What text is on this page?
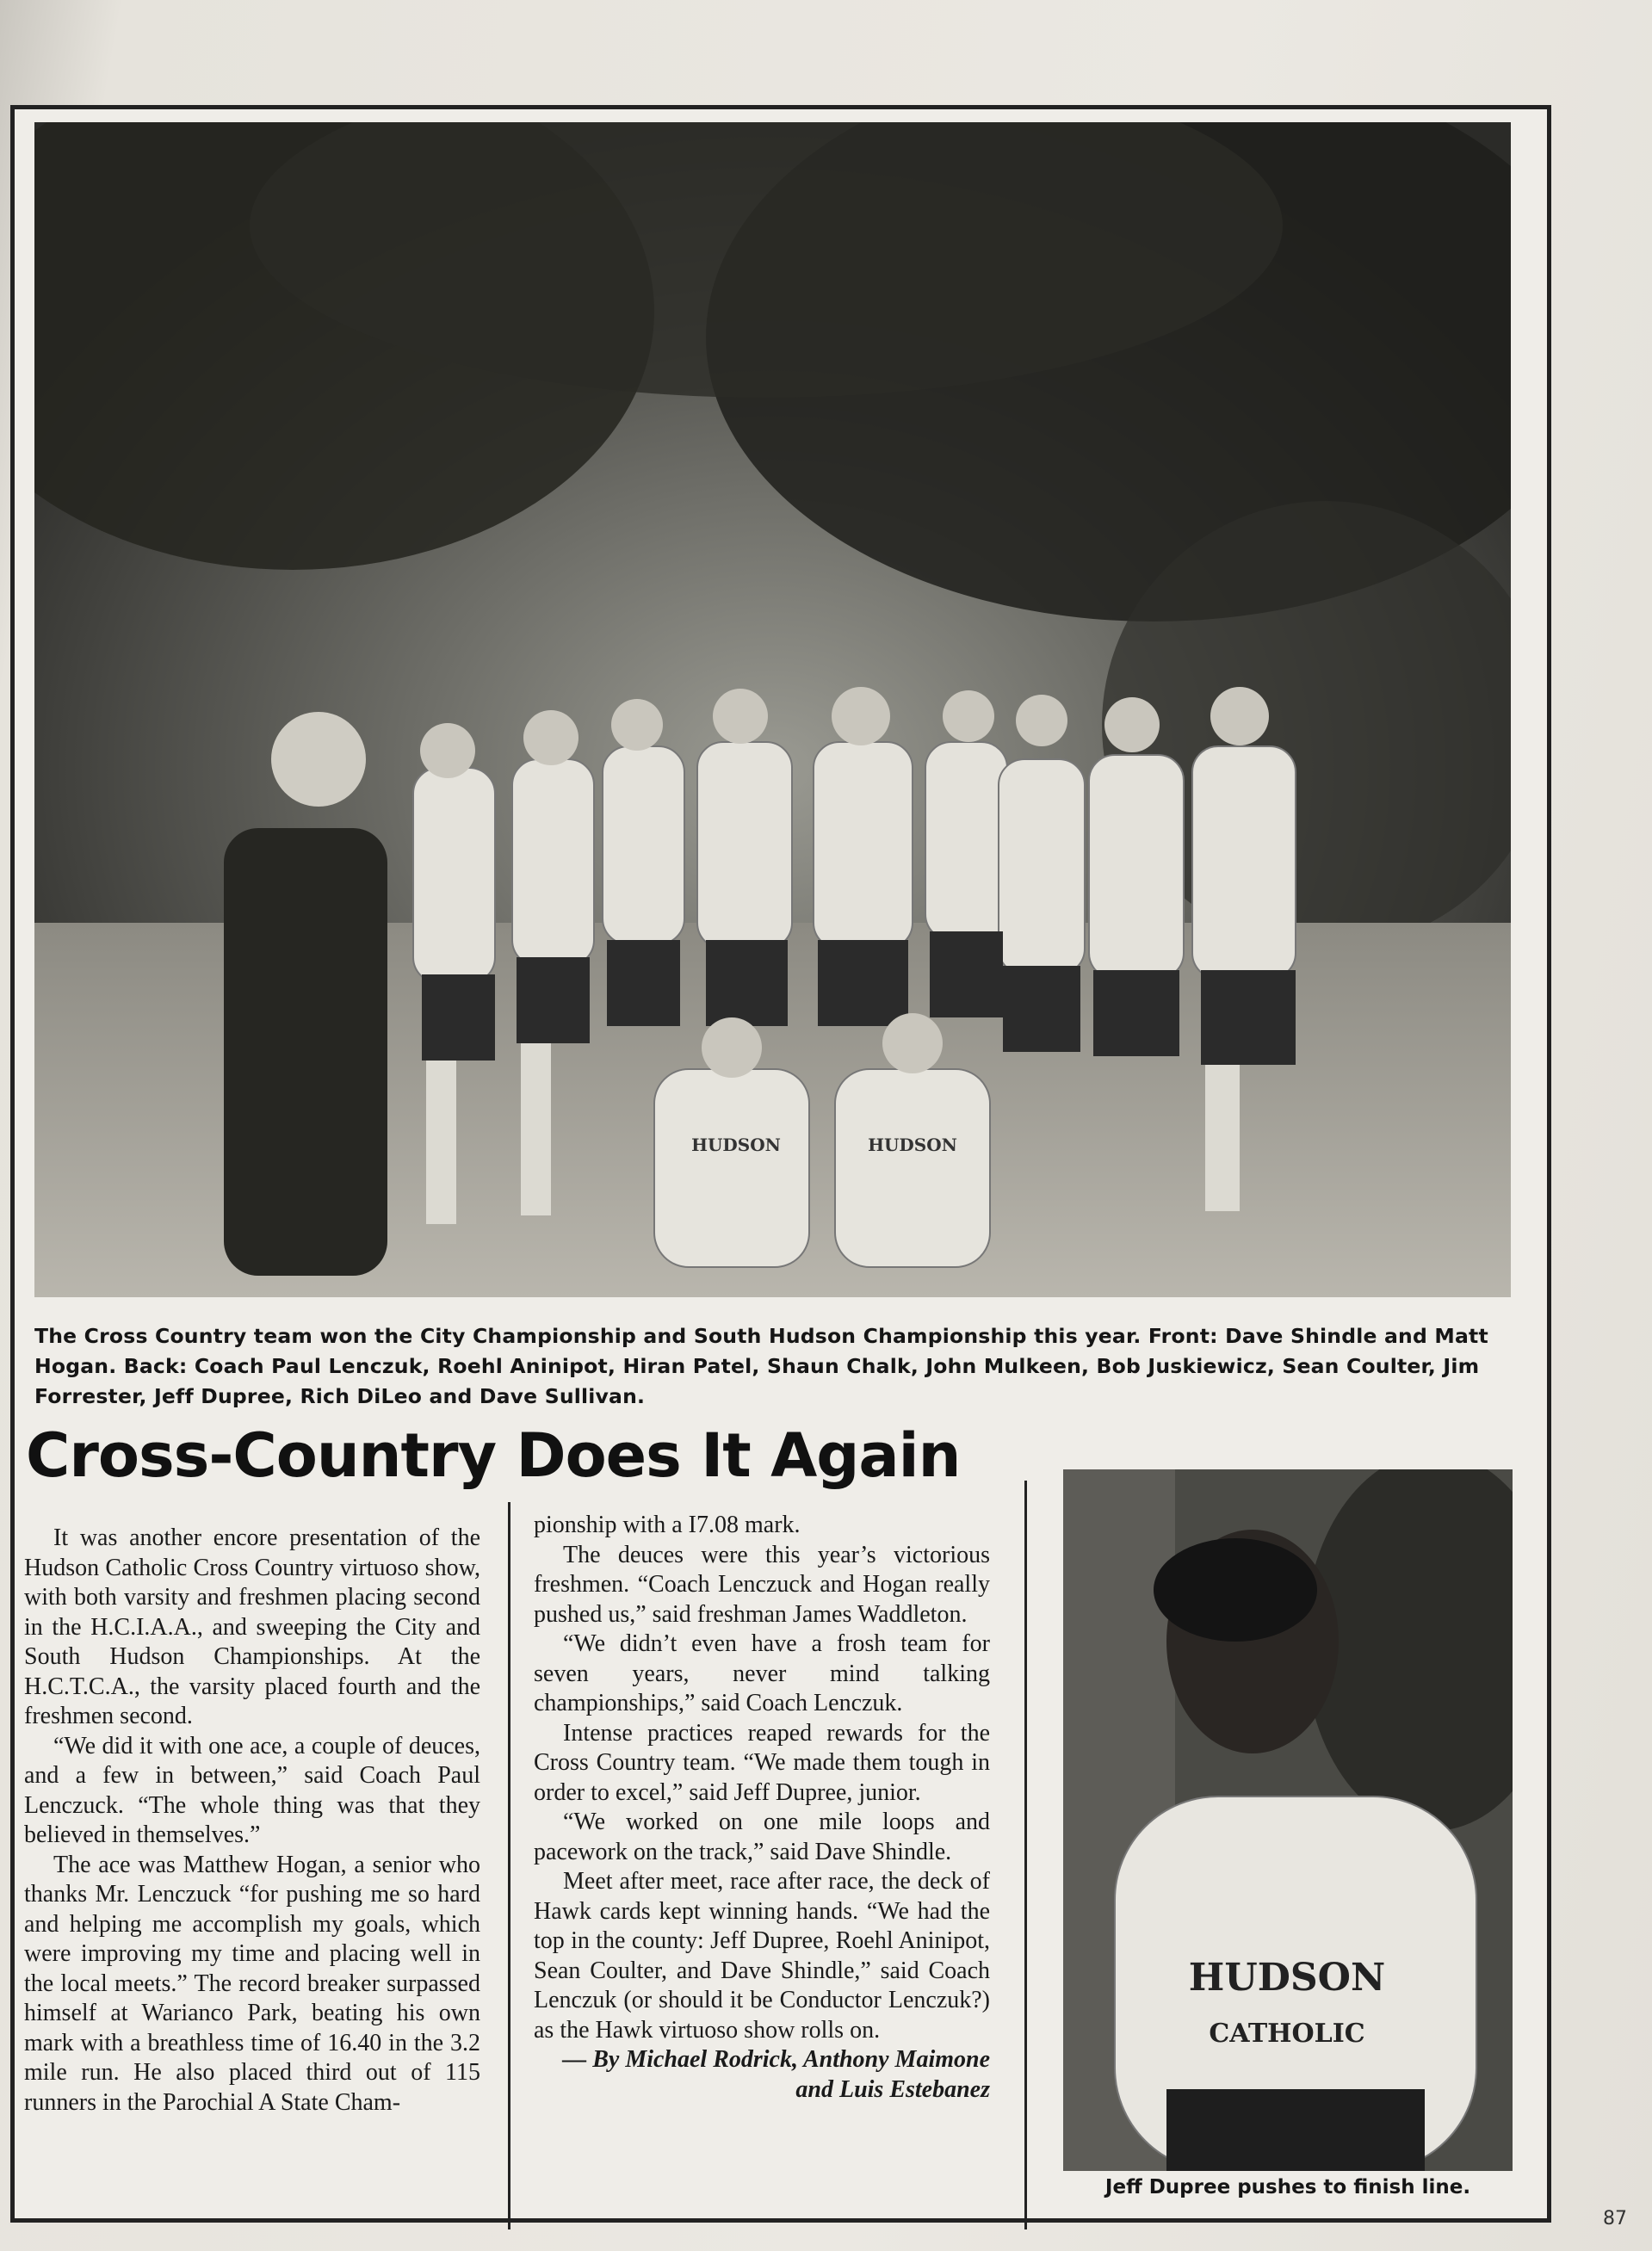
HUDSON	HUDSON
The Cross Country team won the City Championship and South Hudson Championship this year. Front: Dave Shindle and Matt Hogan. Back: Coach Paul Lenczuk, Roehl Aninipot, Hiran Patel, Shaun Chalk, John Mulkeen, Bob Juskiewicz, Sean Coulter, Jim Forrester, Jeff Dupree, Rich DiLeo and Dave Sullivan.
Cross-Country Does It Again

It was another encore presentation of the Hudson Catholic Cross Country virtuoso show, with both varsity and freshmen placing second in the H.C.I.A.A., and sweeping the City and South Hudson Championships. At the H.C.T.C.A., the varsity placed fourth and the freshmen second.

“We did it with one ace, a couple of deuces, and a few in between,” said Coach Paul Lenczuck. “The whole thing was that they believed in themselves.”

The ace was Matthew Hogan, a senior who thanks Mr. Lenczuck “for pushing me so hard and helping me accomplish my goals, which were improving my time and placing well in the local meets.” The record breaker surpassed himself at Warianco Park, beating his own mark with a breathless time of 16.40 in the 3.2 mile run. He also placed third out of 115 runners in the Parochial A State Cham-

pionship with a I7.08 mark.

The deuces were this year’s victorious freshmen. “Coach Lenczuck and Hogan really pushed us,” said freshman James Waddleton.

“We didn’t even have a frosh team for seven years, never mind talking championships,” said Coach Lenczuk.

Intense practices reaped rewards for the Cross Country team. “We made them tough in order to excel,” said Jeff Dupree, junior.

“We worked on one mile loops and pacework on the track,” said Dave Shindle.

Meet after meet, race after race, the deck of Hawk cards kept winning hands. “We had the top in the county: Jeff Dupree, Roehl Aninipot, Sean Coulter, and Dave Shindle,” said Coach Lenczuk (or should it be Conductor Lenczuk?) as the Hawk virtuoso show rolls on.

— By Michael Rodrick, Anthony Maimone and Luis Estebanez

HUDSON
CATHOLIC
Jeff Dupree pushes to finish line.
87
